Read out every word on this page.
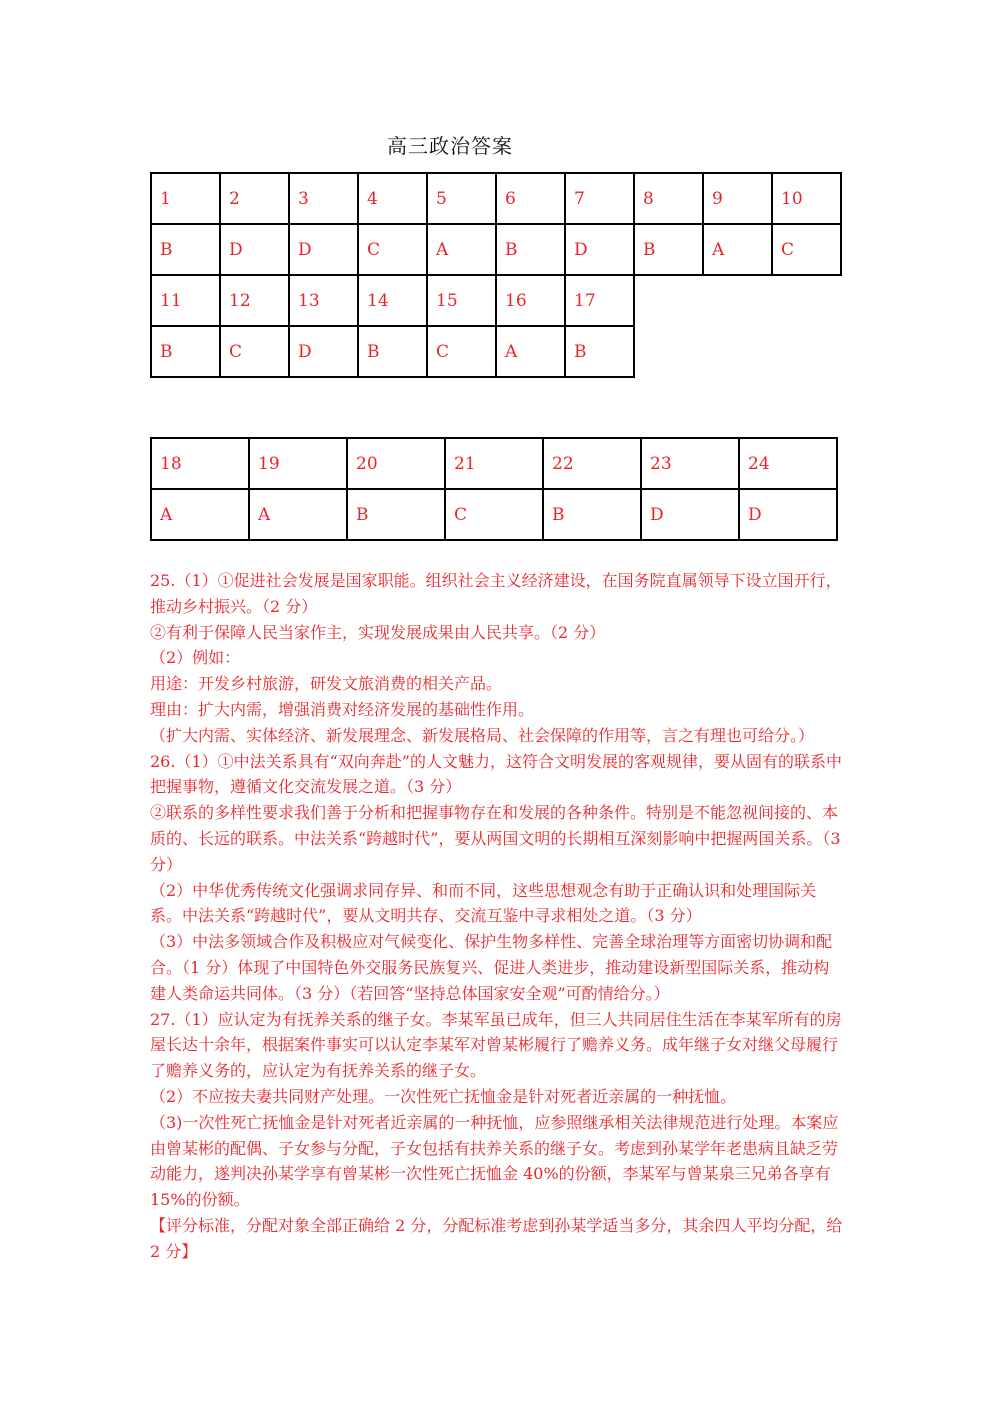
高三政治答案
1	2	3	4	5	6	7	8	9	10
B	D	D	C	A	B	D	B	A	C
11	12	13	14	15	16	17			
B	C	D	B	C	A	B			
18	19	20	21	22	23	24
A	A	B	C	B	D	D

25.（1）①促进社会发展是国家职能。组织社会主义经济建设，在国务院直属领导下设立国开行，推动乡村振兴。（2 分）

②有利于保障人民当家作主，实现发展成果由人民共享。（2 分）

（2）例如：

用途：开发乡村旅游，研发文旅消费的相关产品。

理由：扩大内需，增强消费对经济发展的基础性作用。

（扩大内需、实体经济、新发展理念、新发展格局、社会保障的作用等，言之有理也可给分。）

26.（1）①中法关系具有“双向奔赴”的人文魅力，这符合文明发展的客观规律，要从固有的联系中把握事物，遵循文化交流发展之道。（3 分）

②联系的多样性要求我们善于分析和把握事物存在和发展的各种条件。特别是不能忽视间接的、本质的、长远的联系。中法关系“跨越时代”，要从两国文明的长期相互深刻影响中把握两国关系。（3 分）

（2）中华优秀传统文化强调求同存异、和而不同，这些思想观念有助于正确认识和处理国际关系。中法关系“跨越时代”，要从文明共存、交流互鉴中寻求相处之道。（3 分）

（3）中法多领域合作及积极应对气候变化、保护生物多样性、完善全球治理等方面密切协调和配合。（1 分）体现了中国特色外交服务民族复兴、促进人类进步，推动建设新型国际关系，推动构建人类命运共同体。（3 分）（若回答“坚持总体国家安全观”可酌情给分。）

27.（1）应认定为有抚养关系的继子女。李某军虽已成年，但三人共同居住生活在李某军所有的房屋长达十余年，根据案件事实可以认定李某军对曾某彬履行了赡养义务。成年继子女对继父母履行了赡养义务的，应认定为有抚养关系的继子女。

（2）不应按夫妻共同财产处理。一次性死亡抚恤金是针对死者近亲属的一种抚恤。

（3)一次性死亡抚恤金是针对死者近亲属的一种抚恤，应参照继承相关法律规范进行处理。本案应由曾某彬的配偶、子女参与分配，子女包括有扶养关系的继子女。考虑到孙某学年老患病且缺乏劳动能力，遂判决孙某学享有曾某彬一次性死亡抚恤金 40%的份额，李某军与曾某泉三兄弟各享有 15%的份额。

【评分标准，分配对象全部正确给 2 分，分配标准考虑到孙某学适当多分，其余四人平均分配，给 2 分】
